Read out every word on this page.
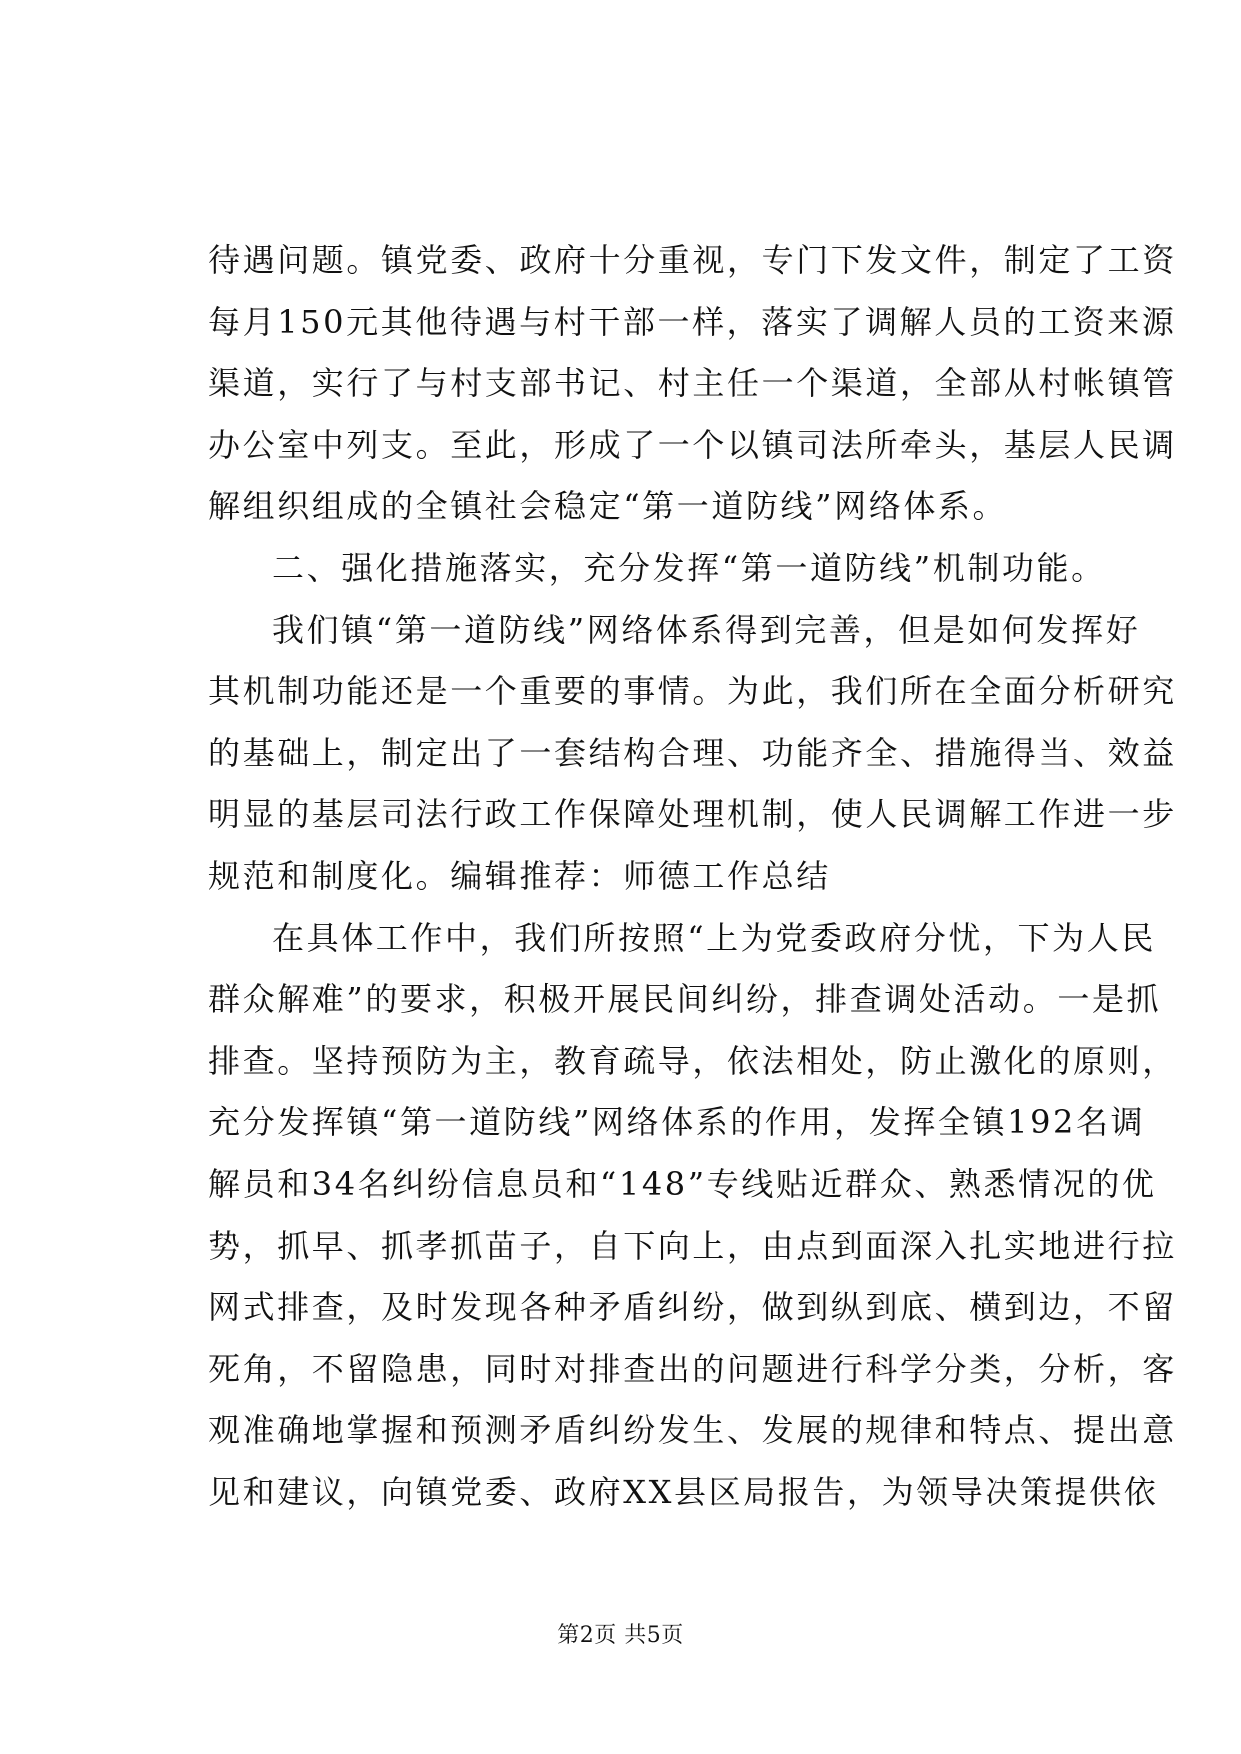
待遇问题。镇党委、政府十分重视，专门下发文件，制定了工资
每月150元其他待遇与村干部一样，落实了调解人员的工资来源
渠道，实行了与村支部书记、村主任一个渠道，全部从村帐镇管
办公室中列支。至此，形成了一个以镇司法所牵头，基层人民调
解组织组成的全镇社会稳定“第一道防线”网络体系。
二、强化措施落实，充分发挥“第一道防线”机制功能。
我们镇“第一道防线”网络体系得到完善，但是如何发挥好
其机制功能还是一个重要的事情。为此，我们所在全面分析研究
的基础上，制定出了一套结构合理、功能齐全、措施得当、效益
明显的基层司法行政工作保障处理机制，使人民调解工作进一步
规范和制度化。编辑推荐：师德工作总结
在具体工作中，我们所按照“上为党委政府分忧，下为人民
群众解难”的要求，积极开展民间纠纷，排查调处活动。一是抓
排查。坚持预防为主，教育疏导，依法相处，防止激化的原则，
充分发挥镇“第一道防线”网络体系的作用，发挥全镇192名调
解员和34名纠纷信息员和“148”专线贴近群众、熟悉情况的优
势，抓早、抓孝抓苗子，自下向上，由点到面深入扎实地进行拉
网式排查，及时发现各种矛盾纠纷，做到纵到底、横到边，不留
死角，不留隐患，同时对排查出的问题进行科学分类，分析，客
观准确地掌握和预测矛盾纠纷发生、发展的规律和特点、提出意
见和建议，向镇党委、政府XX县区局报告，为领导决策提供依
第2页 共5页
